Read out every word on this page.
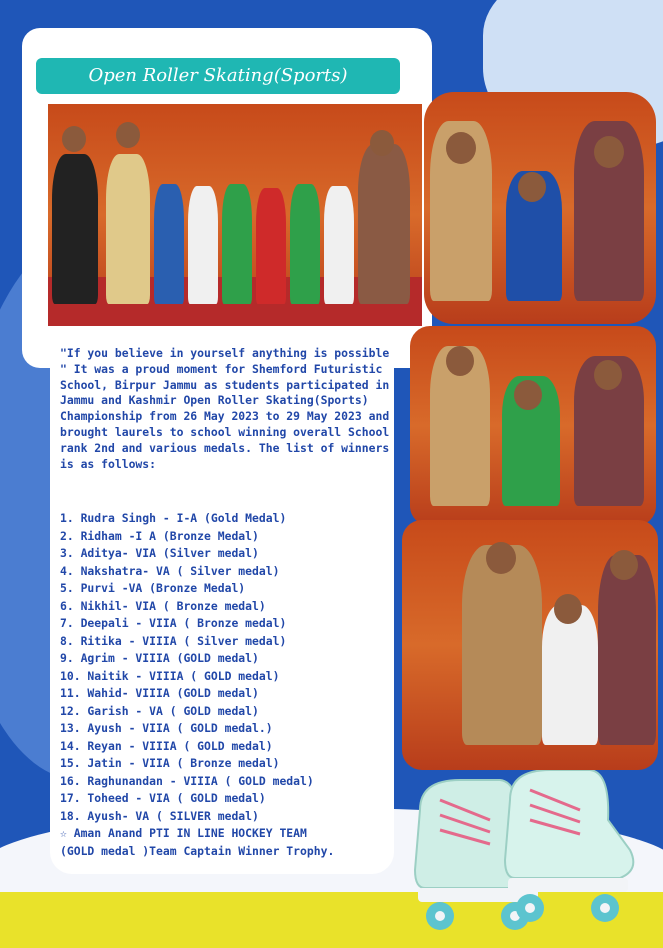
Open Roller Skating(Sports)

"If you believe in yourself anything is possible " It was a proud moment for Shemford Futuristic School, Birpur Jammu as students participated in Jammu and Kashmir Open Roller Skating(Sports) Championship from 26 May 2023 to 29 May 2023 and brought laurels to school winning overall School rank 2nd and various medals. The list of winners is as follows:

1. Rudra Singh - I-A (Gold Medal)
2. Ridham -I A (Bronze Medal)
3. Aditya- VIA (Silver medal)
4. Nakshatra- VA ( Silver medal)
5. Purvi -VA (Bronze Medal)
6. Nikhil- VIA ( Bronze medal)
7. Deepali - VIIA ( Bronze medal)
8. Ritika - VIIIA ( Silver medal)
9. Agrim - VIIIA (GOLD medal)
10. Naitik - VIIIA ( GOLD medal)
11. Wahid- VIIIA (GOLD medal)
12. Garish - VA ( GOLD medal)
13. Ayush - VIIA ( GOLD medal.)
14. Reyan - VIIIA ( GOLD medal)
15. Jatin - VIIA ( Bronze medal)
16. Raghunandan - VIIIA ( GOLD medal)
17. Toheed - VIA ( GOLD medal)
18. Ayush- VA ( SILVER medal)
☆ Aman Anand PTI IN LINE HOCKEY TEAM
(GOLD medal )Team Captain Winner Trophy.
